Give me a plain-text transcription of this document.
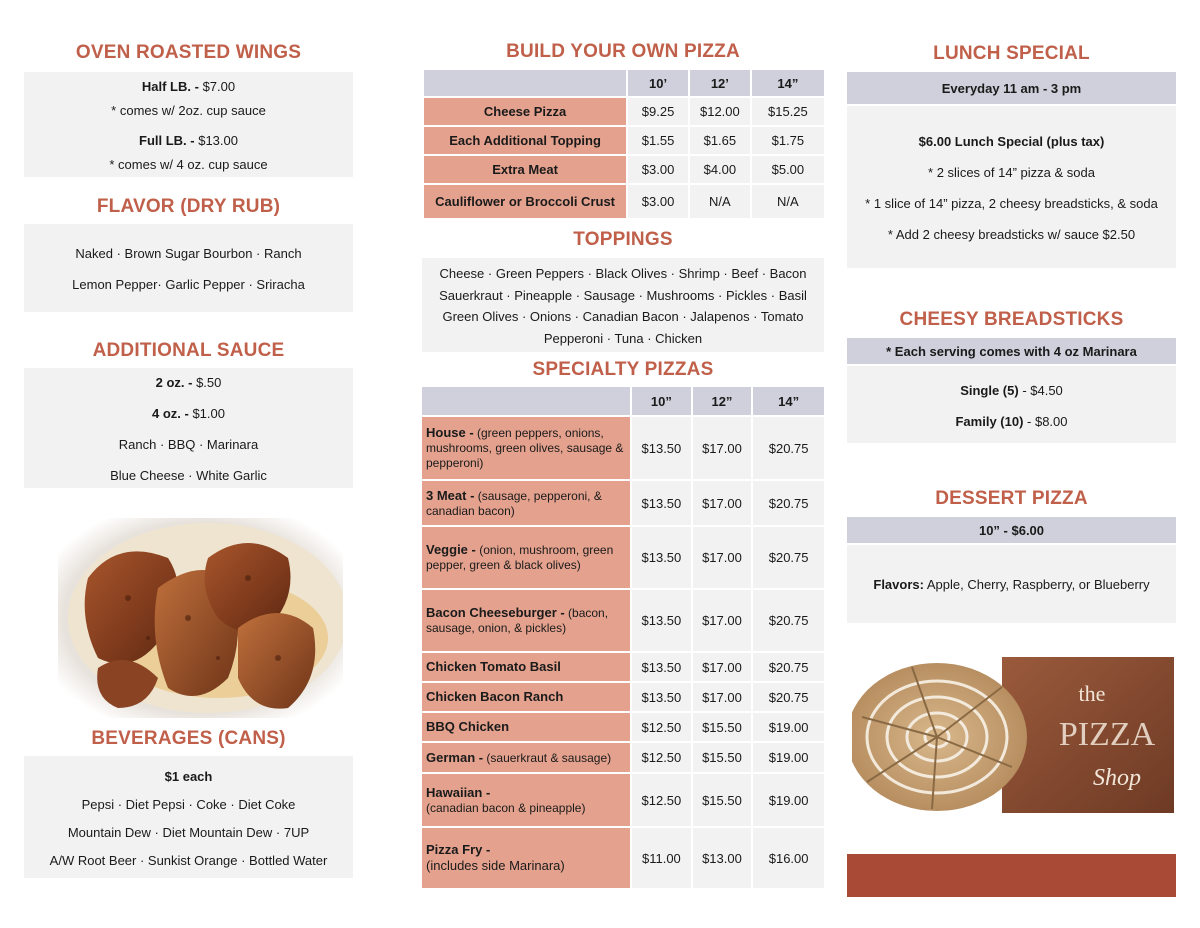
OVEN ROASTED WINGS
Half LB. - $7.00
* comes w/ 2oz. cup sauce
Full LB. - $13.00
* comes w/ 4 oz. cup sauce
FLAVOR (DRY RUB)
Naked · Brown Sugar Bourbon · Ranch
Lemon Pepper· Garlic Pepper · Sriracha
ADDITIONAL SAUCE
2 oz. - $.50
4 oz. - $1.00
Ranch · BBQ · Marinara
Blue Cheese · White Garlic
BEVERAGES (CANS)
$1 each
Pepsi · Diet Pepsi · Coke · Diet Coke
Mountain Dew · Diet Mountain Dew · 7UP
A/W Root Beer · Sunkist Orange · Bottled Water
BUILD YOUR OWN PIZZA
	10’	12’	14”
Cheese Pizza	$9.25	$12.00	$15.25
Each Additional Topping	$1.55	$1.65	$1.75
Extra Meat	$3.00	$4.00	$5.00
Cauliflower or Broccoli Crust	$3.00	N/A	N/A
TOPPINGS
Cheese · Green Peppers · Black Olives · Shrimp · Beef · Bacon
Sauerkraut · Pineapple · Sausage · Mushrooms · Pickles · Basil
Green Olives · Onions · Canadian Bacon · Jalapenos · Tomato
Pepperoni · Tuna · Chicken
SPECIALTY PIZZAS
	10”	12”	14”
House - (green peppers, onions, mushrooms, green olives, sausage & pepperoni)	$13.50	$17.00	$20.75
3 Meat - (sausage, pepperoni, & canadian bacon)	$13.50	$17.00	$20.75
Veggie - (onion, mushroom, green pepper, green & black olives)	$13.50	$17.00	$20.75
Bacon Cheeseburger - (bacon, sausage, onion, & pickles)	$13.50	$17.00	$20.75
Chicken Tomato Basil	$13.50	$17.00	$20.75
Chicken Bacon Ranch	$13.50	$17.00	$20.75
BBQ Chicken	$12.50	$15.50	$19.00
German - (sauerkraut & sausage)	$12.50	$15.50	$19.00
Hawaiian -
(canadian bacon & pineapple)	$12.50	$15.50	$19.00
Pizza Fry -
(includes side Marinara)	$11.00	$13.00	$16.00
LUNCH SPECIAL
Everyday 11 am - 3 pm
$6.00 Lunch Special (plus tax)
* 2 slices of 14” pizza & soda
* 1 slice of 14” pizza, 2 cheesy breadsticks, & soda
* Add 2 cheesy breadsticks w/ sauce $2.50
CHEESY BREADSTICKS
* Each serving comes with 4 oz Marinara
Single (5) - $4.50
Family (10) - $8.00
DESSERT PIZZA
10” - $6.00
Flavors: Apple, Cherry, Raspberry, or Blueberry
the
PIZZA
Shop
